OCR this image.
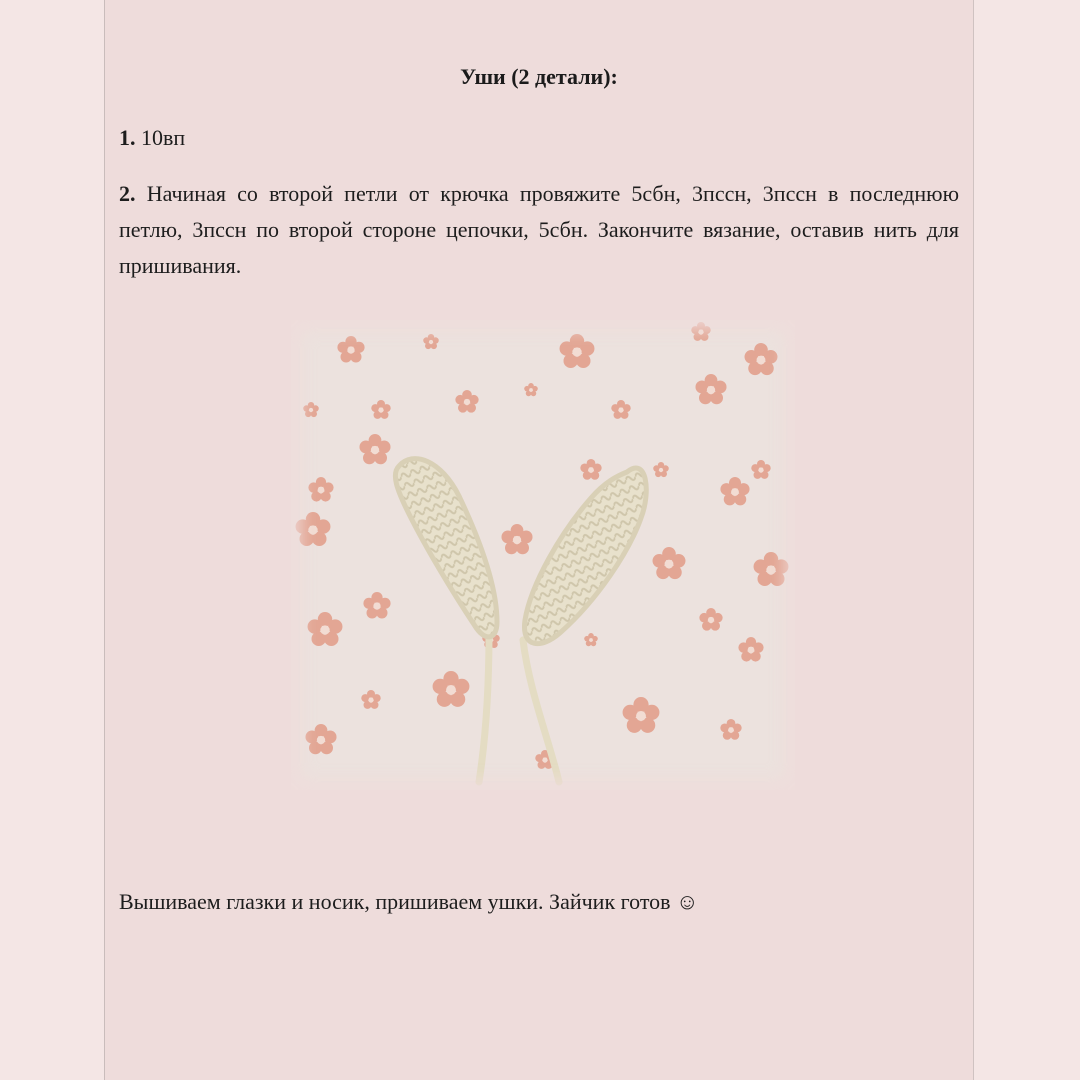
Уши (2 детали):
1. 10вп
2. Начиная со второй петли от крючка провяжите 5сбн, 3пссн, 3пссн в последнюю петлю, 3пссн по второй стороне цепочки, 5сбн. Закончите вязание, оставив нить для пришивания.
Вышиваем глазки и носик, пришиваем ушки. Зайчик готов ☺
